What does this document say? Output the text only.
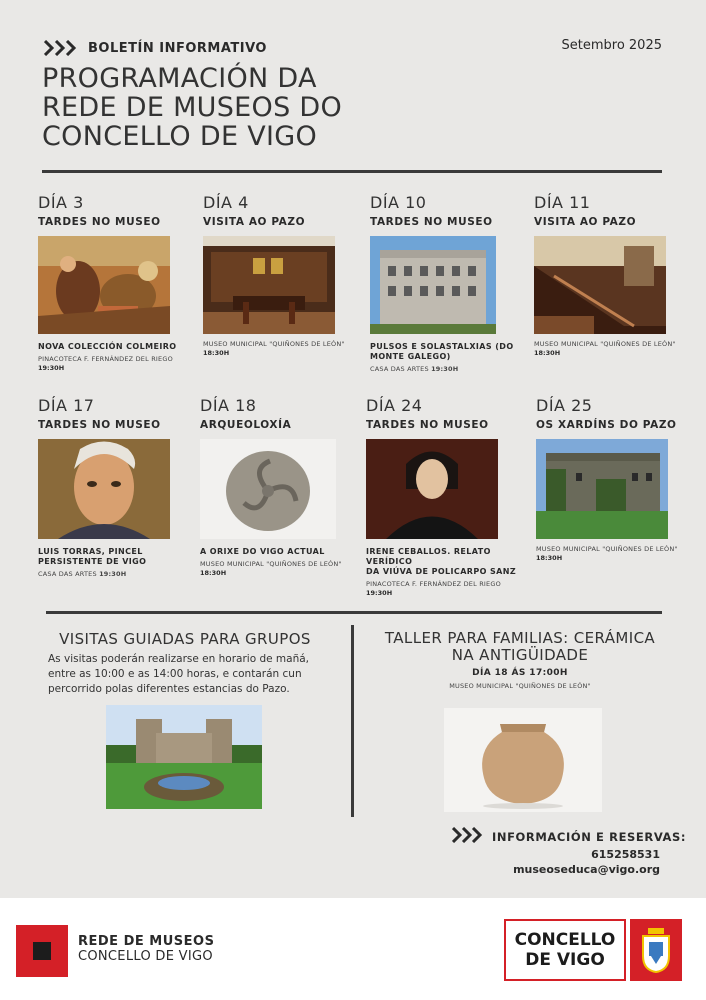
BOLETÍN INFORMATIVO	Setembro 2025
PROGRAMACIÓN DA
REDE DE MUSEOS DO
CONCELLO DE VIGO
DÍA 3
TARDES NO MUSEO
NOVA COLECCIÓN COLMEIRO
PINACOTECA F. FERNÁNDEZ DEL RIEGO
19:30H
DÍA 4
VISITA AO PAZO
MUSEO MUNICIPAL "QUIÑONES DE LEÓN"
18:30H
DÍA 10
TARDES NO MUSEO
PULSOS E SOLASTALXIAS (DO
MONTE GALEGO)
CASA DAS ARTES 19:30H
DÍA 11
VISITA AO PAZO
MUSEO MUNICIPAL "QUIÑONES DE LEÓN"
18:30H
DÍA 17
TARDES NO MUSEO
LUIS TORRAS, PINCEL
PERSISTENTE DE VIGO
CASA DAS ARTES 19:30H
DÍA 18
ARQUEOLOXÍA
A ORIXE DO VIGO ACTUAL
MUSEO MUNICIPAL "QUIÑONES DE LEÓN"
18:30H
DÍA 24
TARDES NO MUSEO
IRENE CEBALLOS. RELATO VERÍDICO
DA VIÚVA DE POLICARPO SANZ
PINACOTECA F. FERNÁNDEZ DEL RIEGO
19:30H
DÍA 25
OS XARDÍNS DO PAZO
MUSEO MUNICIPAL "QUIÑONES DE LEÓN"
18:30H
VISITAS GUIADAS PARA GRUPOS
As visitas poderán realizarse en horario de mañá,
entre as 10:00 e as 14:00 horas, e contarán cun
percorrido polas diferentes estancias do Pazo.
TALLER PARA FAMILIAS: CERÁMICA
NA ANTIGÜIDADE
DÍA 18 ÁS 17:00H
MUSEO MUNICIPAL "QUIÑONES DE LEÓN"
INFORMACIÓN E RESERVAS:
615258531
museoseduca@vigo.org
REDE DE MUSEOS
CONCELLO DE VIGO
CONCELLO
DE VIGO
